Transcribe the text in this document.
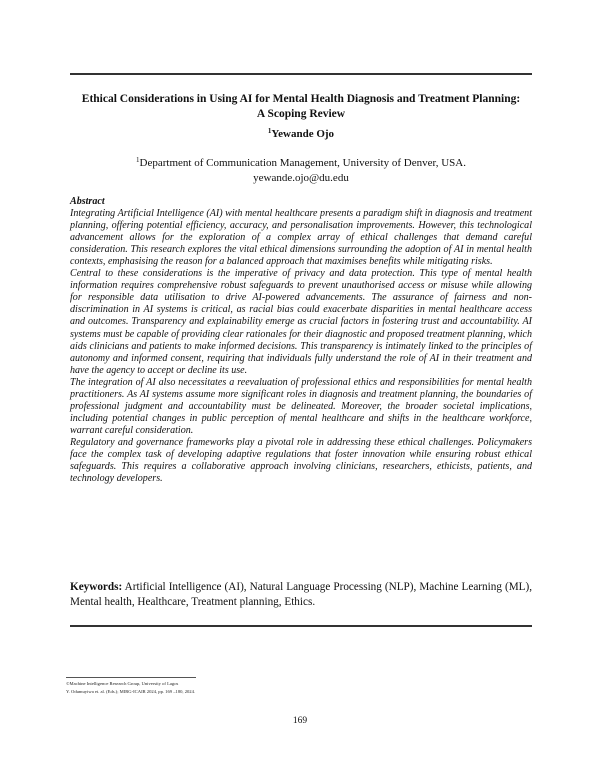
Ethical Considerations in Using AI for Mental Health Diagnosis and Treatment Planning:
A Scoping Review
$^1$Yewande Ojo
$^1$Department of Communication Management, University of Denver, USA.
yewande.ojo@du.edu
Abstract

Integrating Artificial Intelligence (AI) with mental healthcare presents a paradigm shift in diagnosis and treatment planning, offering potential efficiency, accuracy, and personalisation improvements. However, this technological advancement allows for the exploration of a complex array of ethical challenges that demand careful consideration. This research explores the vital ethical dimensions surrounding the adoption of AI in mental health contexts, emphasising the reason for a balanced approach that maximises benefits while mitigating risks.

Central to these considerations is the imperative of privacy and data protection. This type of mental health information requires comprehensive robust safeguards to prevent unauthorised access or misuse while allowing for responsible data utilisation to drive AI-powered advancements. The assurance of fairness and non-discrimination in AI systems is critical, as racial bias could exacerbate disparities in mental healthcare access and outcomes. Transparency and explainability emerge as crucial factors in fostering trust and accountability. AI systems must be capable of providing clear rationales for their diagnostic and proposed treatment planning, which aids clinicians and patients to make informed decisions. This transparency is intimately linked to the principles of autonomy and informed consent, requiring that individuals fully understand the role of AI in their treatment and have the agency to accept or decline its use.

The integration of AI also necessitates a reevaluation of professional ethics and responsibilities for mental health practitioners. As AI systems assume more significant roles in diagnosis and treatment planning, the boundaries of professional judgment and accountability must be delineated. Moreover, the broader societal implications, including potential changes in public perception of mental healthcare and shifts in the healthcare workforce, warrant careful consideration.

Regulatory and governance frameworks play a pivotal role in addressing these ethical challenges. Policymakers face the complex task of developing adaptive regulations that foster innovation while ensuring robust ethical safeguards. This requires a collaborative approach involving clinicians, researchers, ethicists, patients, and technology developers.

Keywords: Artificial Intelligence (AI), Natural Language Processing (NLP), Machine Learning (ML), Mental health, Healthcare, Treatment planning, Ethics.
©Machine Intelligence Research Group, University of Lagos
Y. Odumuyiwa et. al. (Eds.); MIRG-ICAIR 2024, pp. 169 –180, 2024.
169
